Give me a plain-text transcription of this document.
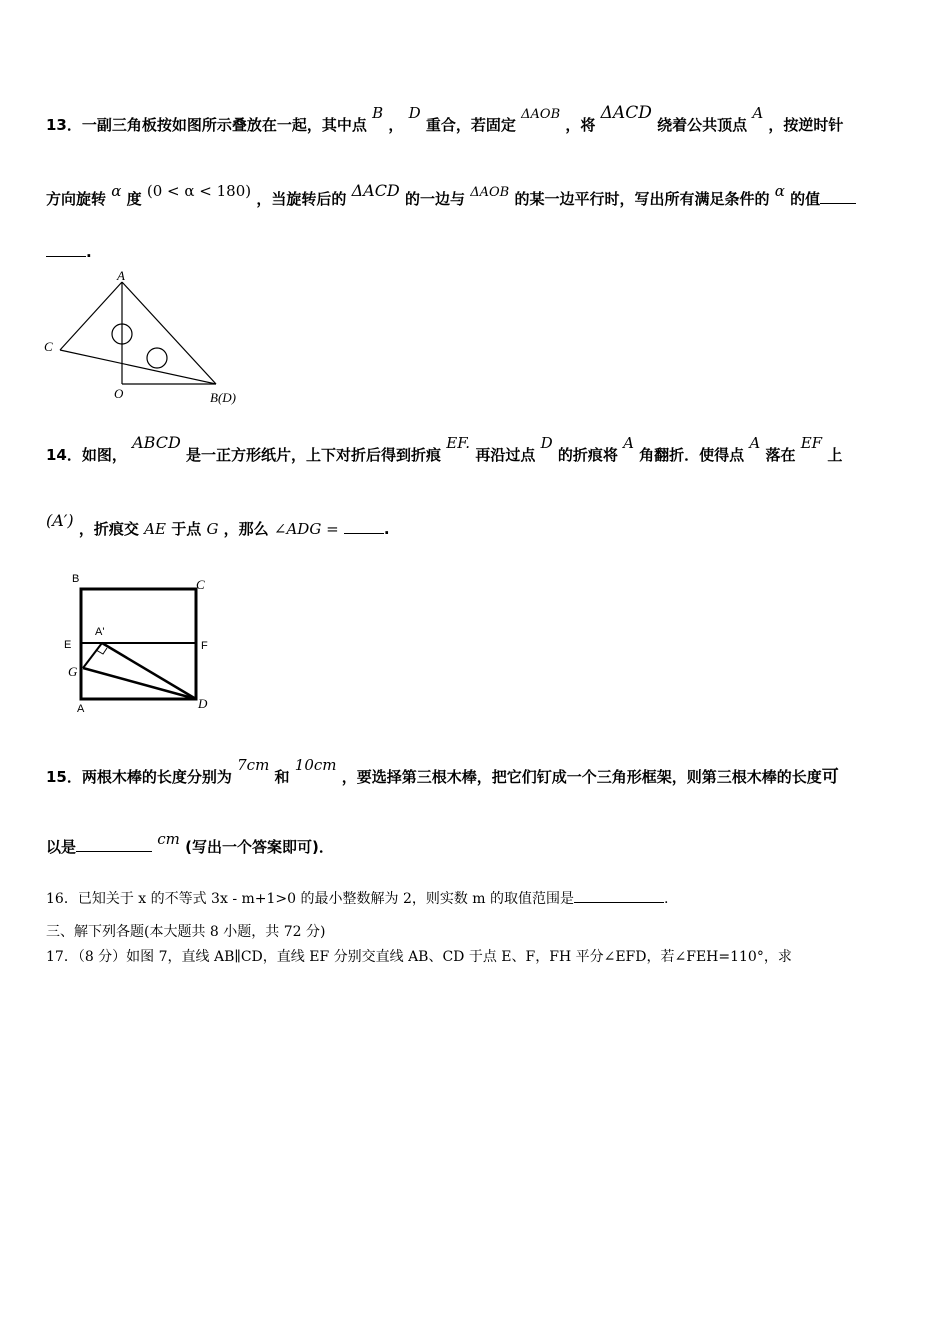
13．一副三角板按如图所示叠放在一起，其中点 B ， D 重合，若固定 ΔAOB ，将 ΔACD 绕着公共顶点 A ，按逆时针
方向旋转 α 度 (0 < α < 180) ，当旋转后的 ΔACD 的一边与 ΔAOB 的某一边平行时，写出所有满足条件的 α 的值
.
A
C
O	B(D)
14．如图， ABCD 是一正方形纸片，上下对折后得到折痕 EF. 再沿过点 D 的折痕将 A 角翻折．使得点 A 落在 EF 上
(A′) ，折痕交 AE 于点 G ，那么 ∠ADG =	.
B	C
E	F
A'
G
A	D
15．两根木棒的长度分别为 7cm 和 10cm ，要选择第三根木棒，把它们钉成一个三角形框架，则第三根木棒的长度可
以是	cm (写出一个答案即可)．
16．已知关于 x 的不等式 3x - m+1>0 的最小整数解为 2，则实数 m 的取值范围是	.
三、解下列各题(本大题共 8 小题，共 72 分)
17．（8 分）如图 7，直线 AB∥CD，直线 EF 分别交直线 AB、CD 于点 E、F，FH 平分∠EFD，若∠FEH=110°，求
